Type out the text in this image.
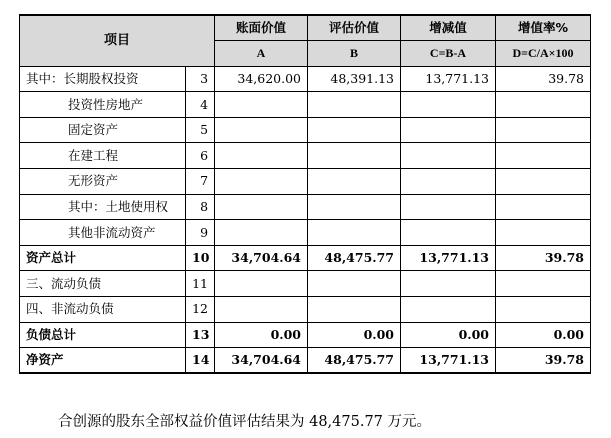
项目		账面价值	评估价值	增减值	增值率%
		A	B	C=B-A	D=C/A×100
其中：长期股权投资	3	34,620.00	48,391.13	13,771.13	39.78
投资性房地产	4				
固定资产	5				
在建工程	6				
无形资产	7				
其中：土地使用权	8				
其他非流动资产	9				
资产总计	10	34,704.64	48,475.77	13,771.13	39.78
三、流动负债	11				
四、非流动负债	12				
负债总计	13	0.00	0.00	0.00	0.00
净资产	14	34,704.64	48,475.77	13,771.13	39.78
合创源的股东全部权益价值评估结果为 48,475.77 万元。
